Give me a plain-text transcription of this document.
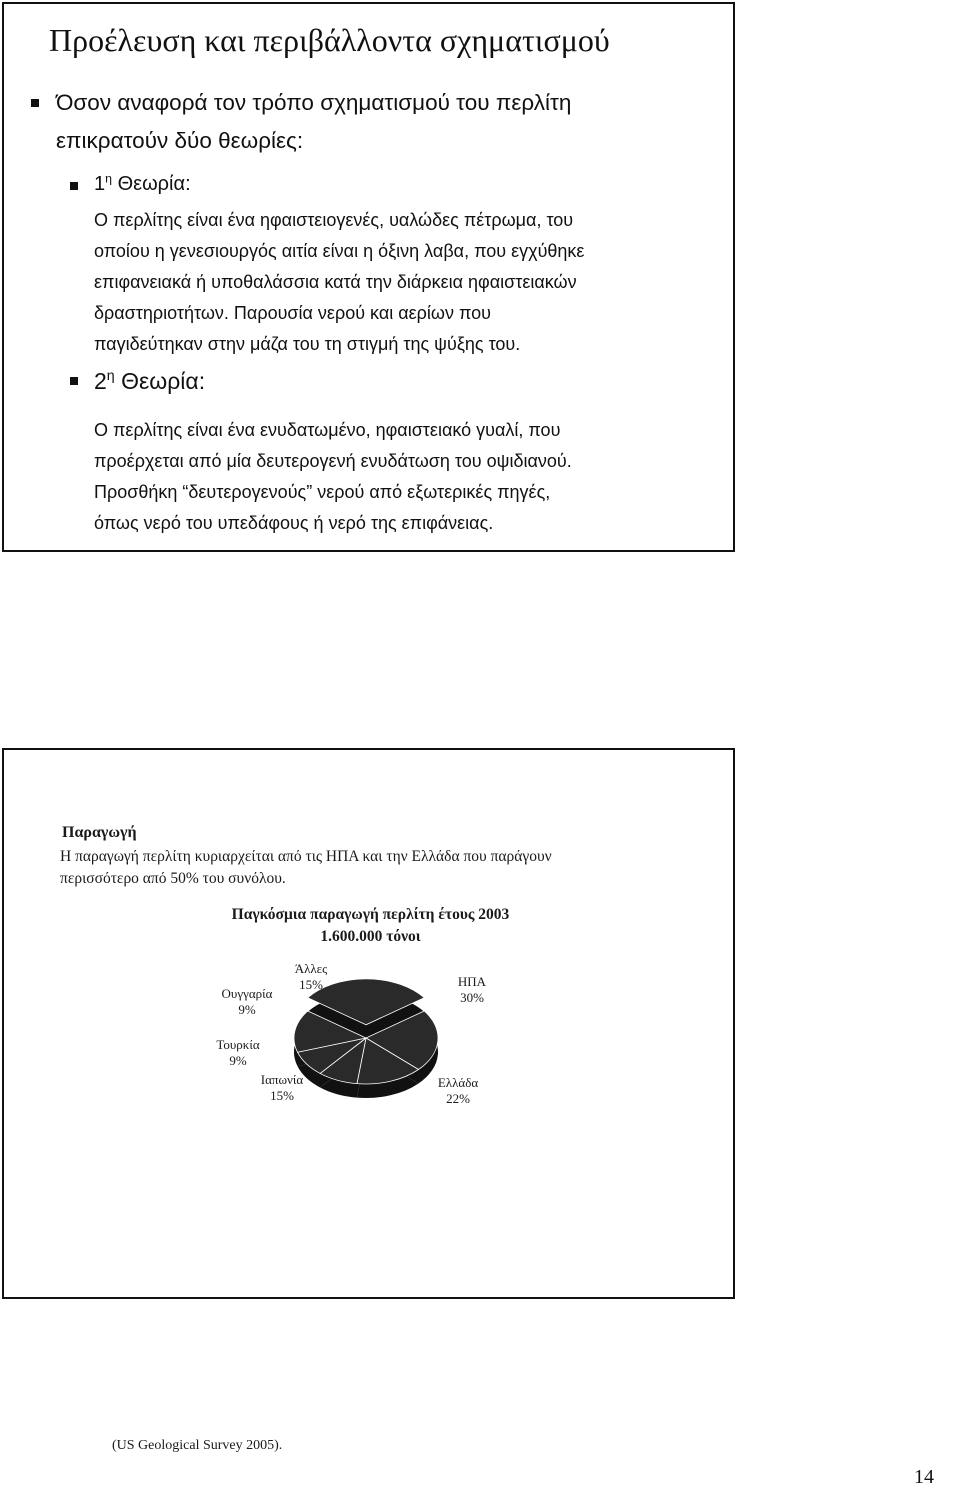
Προέλευση και περιβάλλοντα σχηματισμού
Όσον αναφορά τον τρόπο σχηματισμού του περλίτη
επικρατούν δύο θεωρίες:
$1^\eta$ Θεωρία:
Ο περλίτης είναι ένα ηφαιστειογενές, υαλώδες πέτρωμα, του
οποίου η γενεσιουργός αιτία είναι η όξινη λαβα, που εγχύθηκε
επιφανειακά ή υποθαλάσσια κατά την διάρκεια ηφαιστειακών
δραστηριοτήτων. Παρουσία νερού και αερίων που
παγιδεύτηκαν στην μάζα του τη στιγμή της ψύξης του.
$2^\eta$ Θεωρία:
Ο περλίτης είναι ένα ενυδατωμένο, ηφαιστειακό γυαλί, που
προέρχεται από μία δευτερογενή ενυδάτωση του οψιδιανού.
Προσθήκη “δευτερογενούς” νερού από εξωτερικές πηγές,
όπως νερό του υπεδάφους ή νερό της επιφάνειας.
Παραγωγή
Η παραγωγή περλίτη κυριαρχείται από τις ΗΠΑ και την Ελλάδα που παράγουν
περισσότερο από 50% του συνόλου.
Παγκόσμια παραγωγή περλίτη έτους 2003
1.600.000 τόνοι
ΗΠΑ
30%
Ελλάδα
22%
Ιαπωνία
15%
Τουρκία
9%
Ουγγαρία
9%
Άλλες
15%
(US Geological Survey 2005).
14
